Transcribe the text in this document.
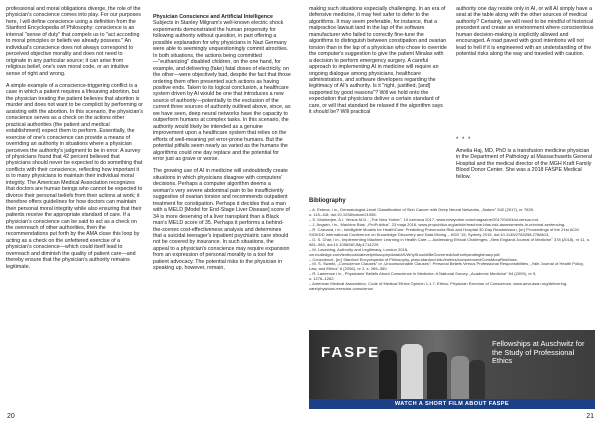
professional and moral obligations diverge, the role of the physician's conscience comes into play. For our purposes here, I will define conscience using a definition from the Stanford Encyclopedia of Philosophy: conscience is an internal "sense of duty" that compels us to "act according to moral principles or beliefs we already possess." An individual's conscience does not always correspond to perceived objective morality and does not need to originate in any particular source; it can arise from religious belief, one's own moral code, or an intuitive sense of right and wrong.

A simple example of a conscience-triggering conflict is a case in which a patient requires a lifesaving abortion, but the physician treating the patient believes that abortion is murder and does not want to be complicit by performing or assisting with the abortion. In this scenario, the physician's conscience serves as a check on the actions other practical authorities (the patient and medical establishment) expect them to perform. Essentially, the exercise of one's conscience can provide a means of overriding an authority in situations where a physician perceives the authority's judgment to be in error. A survey of physicians found that 42 percent believed that physicians should never be expected to do something that conflicts with their conscience, reflecting how important it is to many physicians to maintain their individual moral integrity. The American Medical Association recognizes that doctors are human beings who cannot be expected to divorce their personal beliefs from their actions at work; it therefore offers guidelines for how doctors can maintain their personal moral integrity while also ensuring that their patients receive the appropriate standard of care. If a physician's conscience can be said to act as a check on the overreach of other authorities, then the recommendations put forth by the AMA close this loop by acting as a check on the unfettered exercise of a physician's conscience—which could itself lead to overreach and diminish the quality of patient care—and thereby ensure that the physician's authority remains legitimate.

Physician Conscience and Artificial Intelligence

Subjects in Stanley Milgram's well-known electric shock experiments demonstrated the human propensity for following authority without question, in part offering a possible explanation for why physicians in Nazi Germany were able to seemingly unquestioningly commit atrocities. In both situations, the actions being committed—"euthanizing" disabled children, on the one hand, for example, and delivering (fake) fatal doses of electricity, on the other—were objectively bad, despite the fact that those ordering them often presented such actions as having positive ends. Taken to its logical conclusion, a healthcare system driven by AI would be one that introduces a new source of authority—potentially to the exclusion of the current three sources of authority outlined above, since, as we have seen, deep neural networks have the capacity to outperform humans at complex tasks. In this scenario, the authority would likely be intended as a genuine improvement upon a healthcare system that relies on the efforts of well-meaning yet error-prone humans. But the potential pitfalls seem nearly as varied as the humans the algorithms could one day replace and the potential for error just as grave or worse.

The growing use of AI in medicine will undoubtedly create situations in which physicians disagree with computers' decisions. Perhaps a computer algorithm deems a woman's very severe abdominal pain to be insufficiently suggestive of ovarian torsion and recommends outpatient treatment for constipation. Perhaps it decides that a man with a MELD [Model for End-Stage Liver Disease] score of 34 is more deserving of a liver transplant than a Black man's MELD score of 35. Perhaps it performs a behind-the-scenes cost-effectiveness analysis and determines that a suicidal teenager's inpatient psychiatric care should not be covered by insurance. In such situations, the appeal to a physician's conscience may require expansion from an expression of personal morality to a tool for patient advocacy. The potential risks to the physician in speaking up, however, remain,

making such situations especially challenging. In an era of defensive medicine, it may feel safer to defer to the algorithms. It may seem preferable, for instance, that a malpractice lawsuit land in the lap of the software manufacturer who failed to correctly fine-tune the algorithms to distinguish between constipation and ovarian torsion than in the lap of a physician who chose to override the computer's suggestion to give the patient Miralax with a decision to perform emergency surgery. A careful approach to implementing AI in medicine will require an ongoing dialogue among physicians, healthcare administrators, and software developers regarding the legitimacy of AI's authority. Is it "right, justified, [and] supported by good reasons"? Will we hold onto the expectation that physicians deliver a certain standard of care, or will that standard be relaxed if the algorithm says it should be? Will practical

authority one day reside only in AI, or will AI simply have a seat at the table along with the other sources of medical authority? Certainly, we will need to be mindful of historical precedent and create an environment where conscientious human decision-making is explicitly allowed and encouraged. A road paved with good intentions will not lead to hell if it is engineered with an understanding of the potential risks along the way and traveled with caution.

* * *
Amelia Haj, MD, PhD is a transfusion medicine physician in the Department of Pathology at Massachusetts General Hospital and the medical director of the MGH Kraft Family Blood Donor Center. She was a 2018 FASPE Medical fellow.
Bibliography
– A. Esteva, i in., Dermatologist-Level Classification of Skin Cancer with Deep Neural Networks, „Nature" 542 (2017), nr 7639,
s. 115–118, doi:10.1038/nature21056.
– S. Mukherjee, A.I. Versus M.D., „The New Yorker", 19 czerwca 2017, www.newyorker.com/magazine/2017/04/03/ai-versus-md.
– J. Angwin, i in., Machine Bias, „ProPublica", 23 maja 2016, www.propublica.org/article/machine-bias-risk-assessments-in-criminal-sentencing.
– R. Caruana, i in., Intelligible Models for HealthCare: Predicting Pneumonia Risk and Hospital 30-Day Readmission, [w:] Proceedings of the 21st ACM SIGKDD International Conference on Knowledge Discovery and Data Mining – KDD '15, Sydney 2015, doi:10.1145/2783258.2788613.
– D. S. Char, i in., Implementing Machine Learning in Health Care — Addressing Ethical Challenges, „New England Journal of Medicine" 378 (2018), nr 11, s. 981–983, doi:10.1056/NEJMp1714229.
– M. Lacewing, Authority and Legitimacy, London 2018, cw.routledge.com/textbooks/alevelphilosophy/data/AS/WhyShouldIBeGoverned/Authorityandlegitimacy.pdf.
– Conscience, [w:] Stanford Encyclopedia of Philosophy, plato.stanford.edu/entries/conscience/#ConsMoraResMora.
– M. S. Swartz, „Conscience Clauses" or „Unconscionable Clauses": Personal Beliefs Versus Professional Responsibilities, „Yale Journal of Health Policy, Law, and Ethics" 6 (2006), nr 2, s. 269–350.
– R. Lawrence i in., Physicians' Beliefs About Conscience in Medicine: A National Survey, „Academic Medicine" 84 (2009), nr 9,
s. 1276–1282.
– American Medical Association, Code of Medical Ethics Opinion 1.1.7, Ethics: Physician Exercise of Conscience, www.ama-assn.org/delivering-care/physician-exercise-conscience.
FASPE
Fellowships at Auschwitz for the Study of Professional Ethics
WATCH A SHORT FILM ABOUT FASPE
20	21
